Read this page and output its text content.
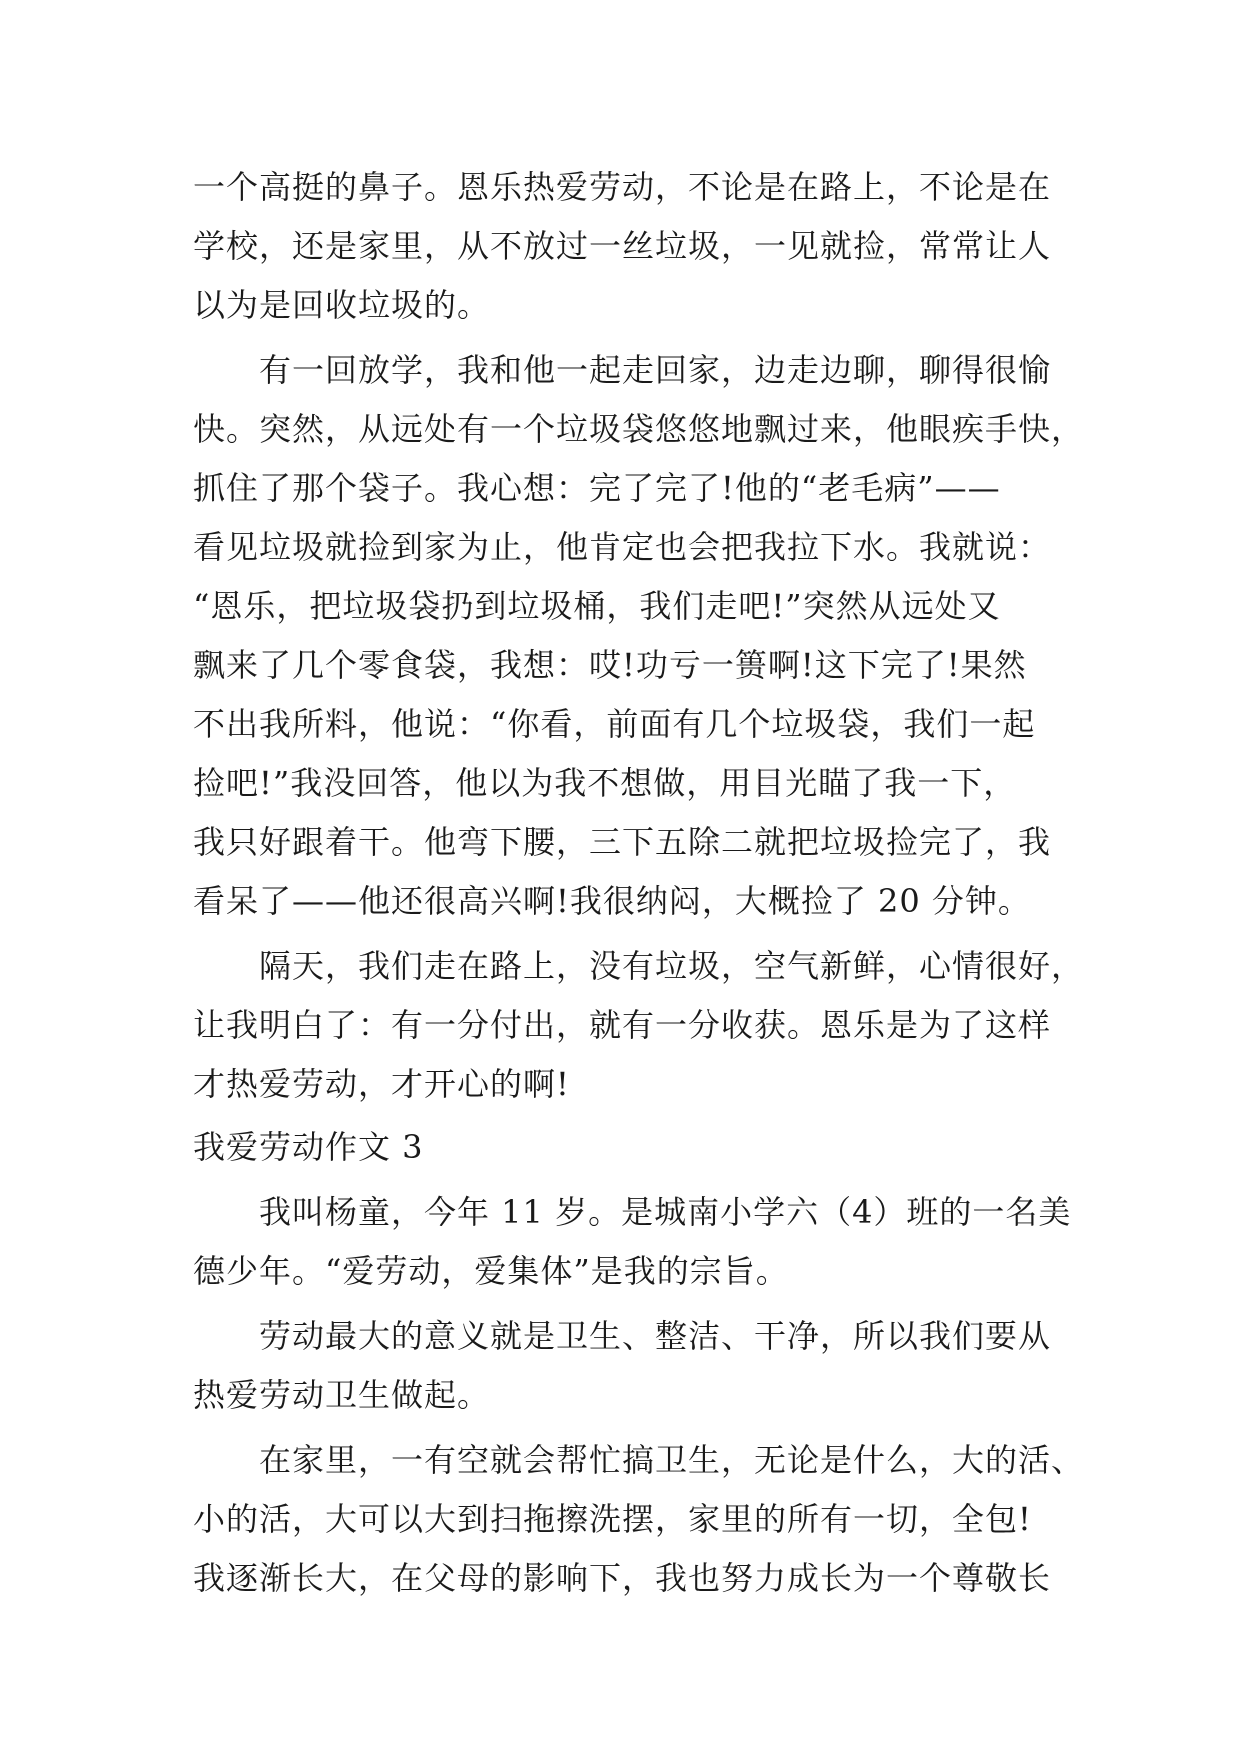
一个高挺的鼻子。恩乐热爱劳动，不论是在路上，不论是在
学校，还是家里，从不放过一丝垃圾，一见就捡，常常让人
以为是回收垃圾的。
　　有一回放学，我和他一起走回家，边走边聊，聊得很愉
快。突然，从远处有一个垃圾袋悠悠地飘过来，他眼疾手快，
抓住了那个袋子。我心想：完了完了!他的“老毛病”——
看见垃圾就捡到家为止，他肯定也会把我拉下水。我就说：
“恩乐，把垃圾袋扔到垃圾桶，我们走吧!”突然从远处又
飘来了几个零食袋，我想：哎!功亏一篑啊!这下完了!果然
不出我所料，他说：“你看，前面有几个垃圾袋，我们一起
捡吧!”我没回答，他以为我不想做，用目光瞄了我一下，
我只好跟着干。他弯下腰，三下五除二就把垃圾捡完了，我
看呆了——他还很高兴啊!我很纳闷，大概捡了 20 分钟。
　　隔天，我们走在路上，没有垃圾，空气新鲜，心情很好，
让我明白了：有一分付出，就有一分收获。恩乐是为了这样
才热爱劳动，才开心的啊!
我爱劳动作文 3
　　我叫杨童，今年 11 岁。是城南小学六（4）班的一名美
德少年。“爱劳动，爱集体”是我的宗旨。
　　劳动最大的意义就是卫生、整洁、干净，所以我们要从
热爱劳动卫生做起。
　　在家里，一有空就会帮忙搞卫生，无论是什么，大的活、
小的活，大可以大到扫拖擦洗摆，家里的所有一切，全包!
我逐渐长大，在父母的影响下，我也努力成长为一个尊敬长
